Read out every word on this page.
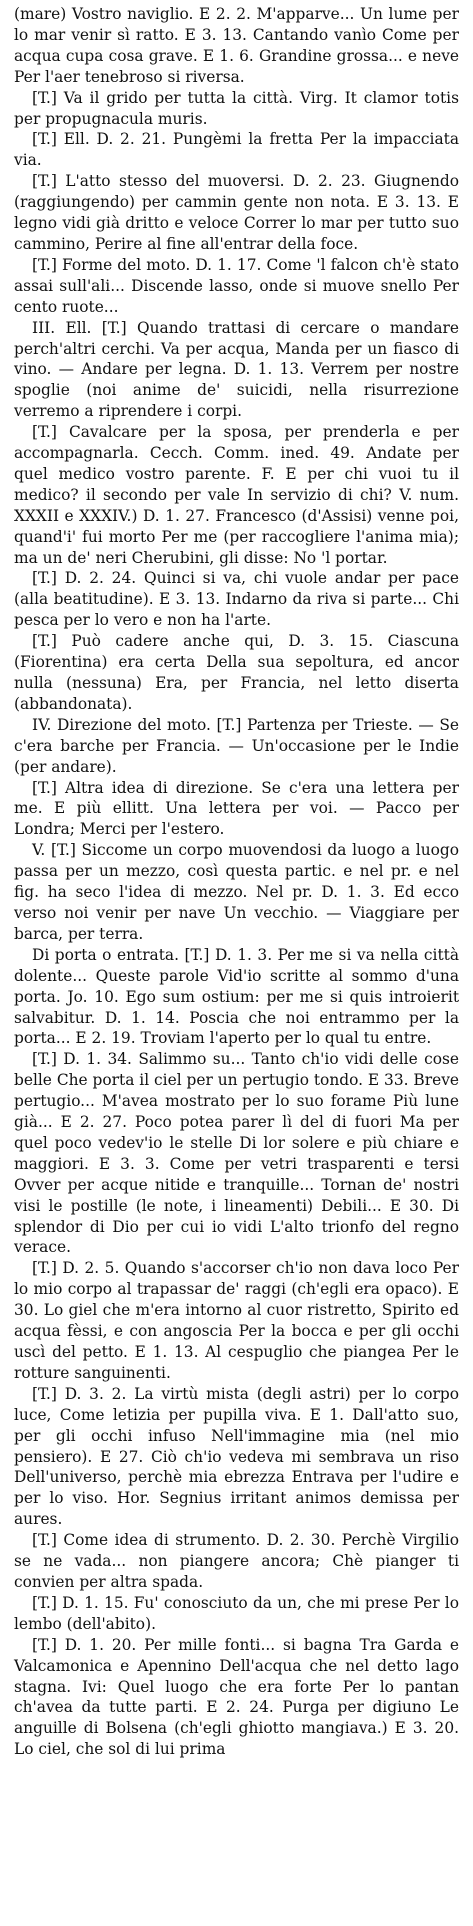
(mare) Vostro naviglio. E 2. 2. M'apparve... Un lume per lo mar venir sì ratto. E 3. 13. Cantando vanìo Come per acqua cupa cosa grave. E 1. 6. Grandine grossa... e neve Per l'aer tenebroso si riversa.

[T.] Va il grido per tutta la città. Virg. It clamor totis per propugnacula muris.

[T.] Ell. D. 2. 21. Pungèmi la fretta Per la impacciata via.

[T.] L'atto stesso del muoversi. D. 2. 23. Giugnendo (raggiungendo) per cammin gente non nota. E 3. 13. E legno vidi già dritto e veloce Correr lo mar per tutto suo cammino, Perire al fine all'entrar della foce.

[T.] Forme del moto. D. 1. 17. Come 'l falcon ch'è stato assai sull'ali... Discende lasso, onde si muove snello Per cento ruote...

III. Ell. [T.] Quando trattasi di cercare o mandare perch'altri cerchi. Va per acqua, Manda per un fiasco di vino. — Andare per legna. D. 1. 13. Verrem per nostre spoglie (noi anime de' suicidi, nella risurrezione verremo a riprendere i corpi.

[T.] Cavalcare per la sposa, per prenderla e per accompagnarla. Cecch. Comm. ined. 49. Andate per quel medico vostro parente. F. E per chi vuoi tu il medico? il secondo per vale In servizio di chi? V. num. XXXII e XXXIV.) D. 1. 27. Francesco (d'Assisi) venne poi, quand'i' fui morto Per me (per raccogliere l'anima mia); ma un de' neri Cherubini, gli disse: No 'l portar.

[T.] D. 2. 24. Quinci si va, chi vuole andar per pace (alla beatitudine). E 3. 13. Indarno da riva si parte... Chi pesca per lo vero e non ha l'arte.

[T.] Può cadere anche qui, D. 3. 15. Ciascuna (Fiorentina) era certa Della sua sepoltura, ed ancor nulla (nessuna) Era, per Francia, nel letto diserta (abbandonata).

IV. Direzione del moto. [T.] Partenza per Trieste. — Se c'era barche per Francia. — Un'occasione per le Indie (per andare).

[T.] Altra idea di direzione. Se c'era una lettera per me. E più ellitt. Una lettera per voi. — Pacco per Londra; Merci per l'estero.

V. [T.] Siccome un corpo muovendosi da luogo a luogo passa per un mezzo, così questa partic. e nel pr. e nel fig. ha seco l'idea di mezzo. Nel pr. D. 1. 3. Ed ecco verso noi venir per nave Un vecchio. — Viaggiare per barca, per terra.

Di porta o entrata. [T.] D. 1. 3. Per me si va nella città dolente... Queste parole Vid'io scritte al sommo d'una porta. Jo. 10. Ego sum ostium: per me si quis introierit salvabitur. D. 1. 14. Poscia che noi entrammo per la porta... E 2. 19. Troviam l'aperto per lo qual tu entre.

[T.] D. 1. 34. Salimmo su... Tanto ch'io vidi delle cose belle Che porta il ciel per un pertugio tondo. E 33. Breve pertugio... M'avea mostrato per lo suo forame Più lune già... E 2. 27. Poco potea parer lì del di fuori Ma per quel poco vedev'io le stelle Di lor solere e più chiare e maggiori. E 3. 3. Come per vetri trasparenti e tersi Ovver per acque nitide e tranquille... Tornan de' nostri visi le postille (le note, i lineamenti) Debili... E 30. Di splendor di Dio per cui io vidi L'alto trionfo del regno verace.

[T.] D. 2. 5. Quando s'accorser ch'io non dava loco Per lo mio corpo al trapassar de' raggi (ch'egli era opaco). E 30. Lo giel che m'era intorno al cuor ristretto, Spirito ed acqua fèssi, e con angoscia Per la bocca e per gli occhi uscì del petto. E 1. 13. Al cespuglio che piangea Per le rotture sanguinenti.

[T.] D. 3. 2. La virtù mista (degli astri) per lo corpo luce, Come letizia per pupilla viva. E 1. Dall'atto suo, per gli occhi infuso Nell'immagine mia (nel mio pensiero). E 27. Ciò ch'io vedeva mi sembrava un riso Dell'universo, perchè mia ebrezza Entrava per l'udire e per lo viso. Hor. Segnius irritant animos demissa per aures.

[T.] Come idea di strumento. D. 2. 30. Perchè Virgilio se ne vada... non piangere ancora; Chè pianger ti convien per altra spada.

[T.] D. 1. 15. Fu' conosciuto da un, che mi prese Per lo lembo (dell'abito).

[T.] D. 1. 20. Per mille fonti... si bagna Tra Garda e Valcamonica e Apennino Dell'acqua che nel detto lago stagna. Ivi: Quel luogo che era forte Per lo pantan ch'avea da tutte parti. E 2. 24. Purga per digiuno Le anguille di Bolsena (ch'egli ghiotto mangiava.) E 3. 20. Lo ciel, che sol di lui prima
